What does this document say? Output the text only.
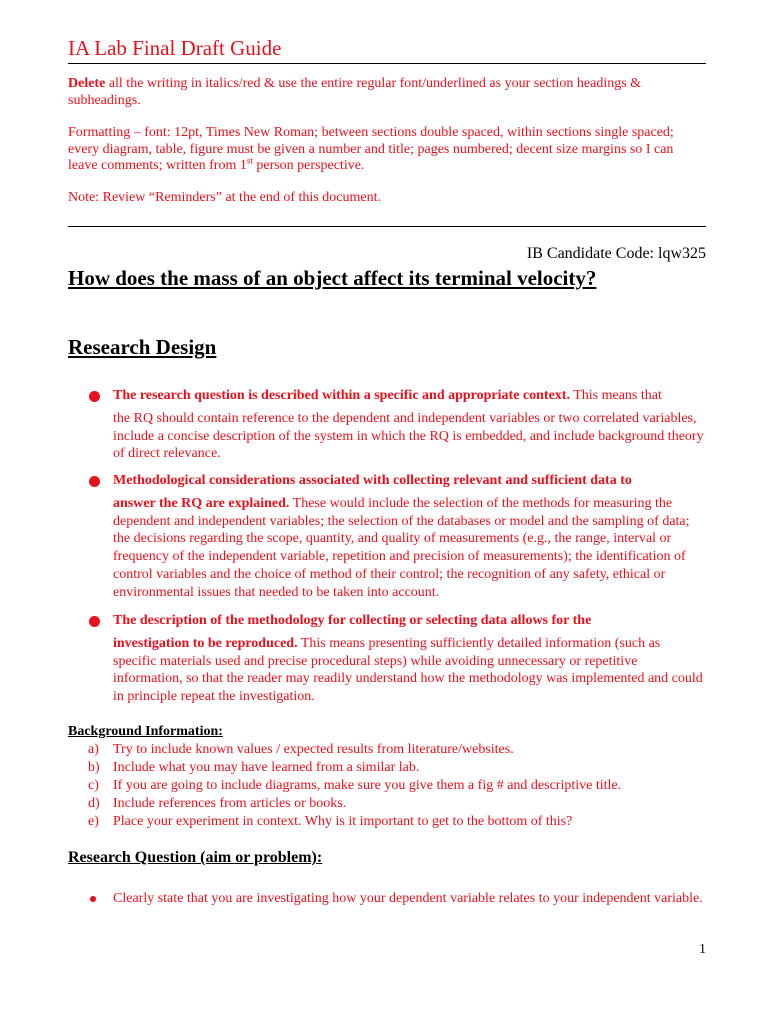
IA Lab Final Draft Guide
Delete all the writing in italics/red & use the entire regular font/underlined as your section headings & subheadings.
Formatting – font: 12pt, Times New Roman; between sections double spaced, within sections single spaced; every diagram, table, figure must be given a number and title; pages numbered; decent size margins so I can leave comments; written from 1st person perspective.
Note: Review “Reminders” at the end of this document.
IB Candidate Code: lqw325
How does the mass of an object affect its terminal velocity?
Research Design
The research question is described within a specific and appropriate context. This means that
the RQ should contain reference to the dependent and independent variables or two correlated variables, include a concise description of the system in which the RQ is embedded, and include background theory of direct relevance.
Methodological considerations associated with collecting relevant and sufficient data to
answer the RQ are explained. These would include the selection of the methods for measuring the dependent and independent variables; the selection of the databases or model and the sampling of data; the decisions regarding the scope, quantity, and quality of measurements (e.g., the range, interval or frequency of the independent variable, repetition and precision of measurements); the identification of control variables and the choice of method of their control; the recognition of any safety, ethical or environmental issues that needed to be taken into account.
The description of the methodology for collecting or selecting data allows for the
investigation to be reproduced. This means presenting sufficiently detailed information (such as specific materials used and precise procedural steps) while avoiding unnecessary or repetitive information, so that the reader may readily understand how the methodology was implemented and could in principle repeat the investigation.
Background Information:
a) Try to include known values / expected results from literature/websites.
b) Include what you may have learned from a similar lab.
c) If you are going to include diagrams, make sure you give them a fig # and descriptive title.
d) Include references from articles or books.
e) Place your experiment in context. Why is it important to get to the bottom of this?
Research Question (aim or problem):
Clearly state that you are investigating how your dependent variable relates to your independent variable.
1
